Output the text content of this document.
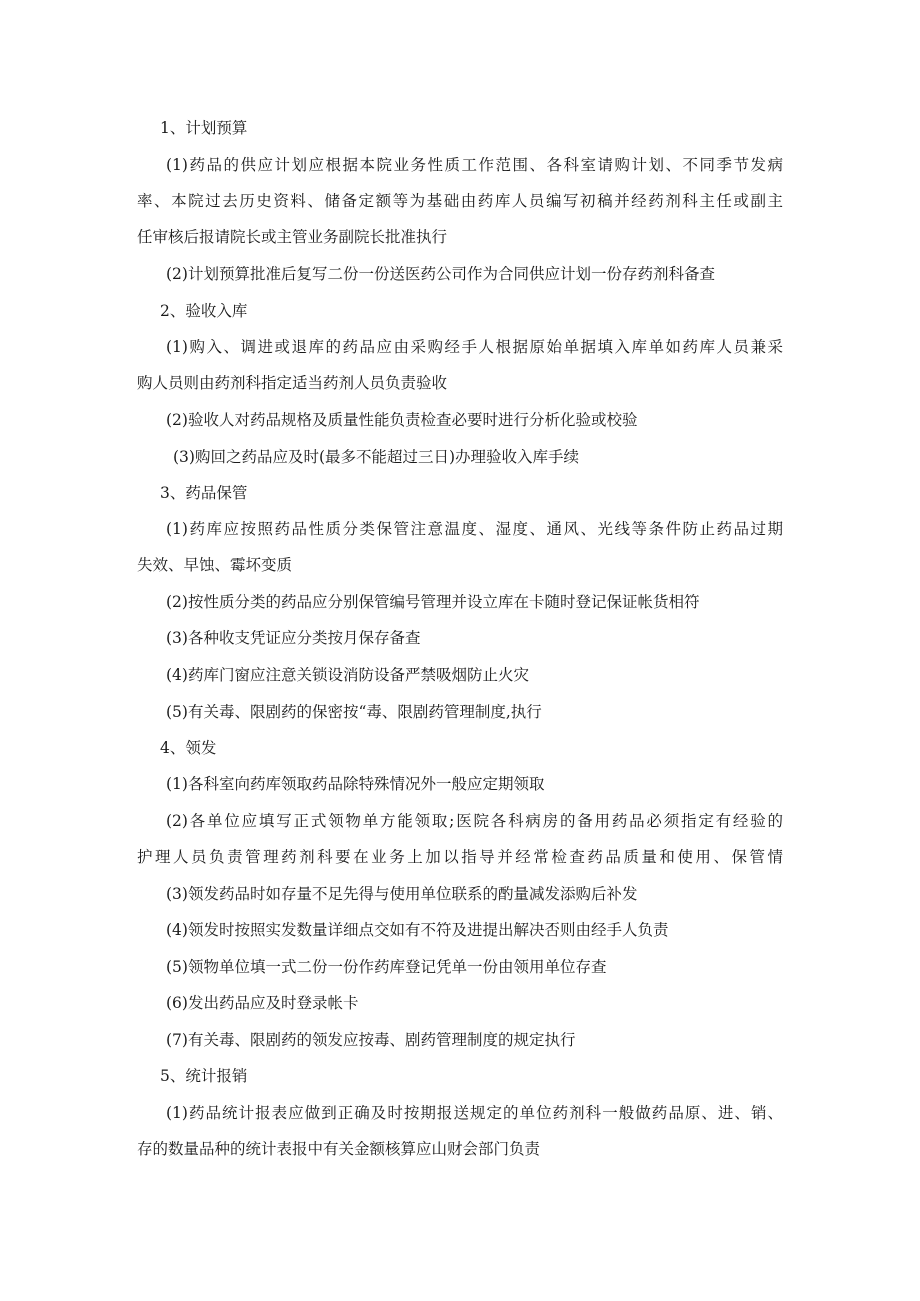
1、计划预算

(1)药品的供应计划应根据本院业务性质工作范围、各科室请购计划、不同季节发病

率、本院过去历史资料、储备定额等为基础由药库人员编写初稿并经药剂科主任或副主

任审核后报请院长或主管业务副院长批准执行

(2)计划预算批准后复写二份一份送医药公司作为合同供应计划一份存药剂科备查

2、验收入库

(1)购入、调进或退库的药品应由采购经手人根据原始单据填入库单如药库人员兼采

购人员则由药剂科指定适当药剂人员负责验收

(2)验收人对药品规格及质量性能负责检查必要时进行分析化验或校验

(3)购回之药品应及时(最多不能超过三日)办理验收入库手续

3、药品保管

(1)药库应按照药品性质分类保管注意温度、湿度、通风、光线等条件防止药品过期

失效、早蚀、霉坏变质

(2)按性质分类的药品应分别保管编号管理并设立库在卡随时登记保证帐货相符

(3)各种收支凭证应分类按月保存备查

(4)药库门窗应注意关锁设消防设备严禁吸烟防止火灾

(5)有关毒、限剧药的保密按“毒、限剧药管理制度,执行

4、领发

(1)各科室向药库领取药品除特殊情况外一般应定期领取

(2)各单位应填写正式领物单方能领取;医院各科病房的备用药品必须指定有经验的

护理人员负责管理药剂科要在业务上加以指导并经常检查药品质量和使用、保管情

(3)领发药品时如存量不足先得与使用单位联系的酌量减发添购后补发

(4)领发时按照实发数量详细点交如有不符及进提出解决否则由经手人负责

(5)领物单位填一式二份一份作药库登记凭单一份由领用单位存查

(6)发出药品应及时登录帐卡

(7)有关毒、限剧药的领发应按毒、剧药管理制度的规定执行

5、统计报销

(1)药品统计报表应做到正确及时按期报送规定的单位药剂科一般做药品原、进、销、

存的数量品种的统计表报中有关金额核算应山财会部门负责
